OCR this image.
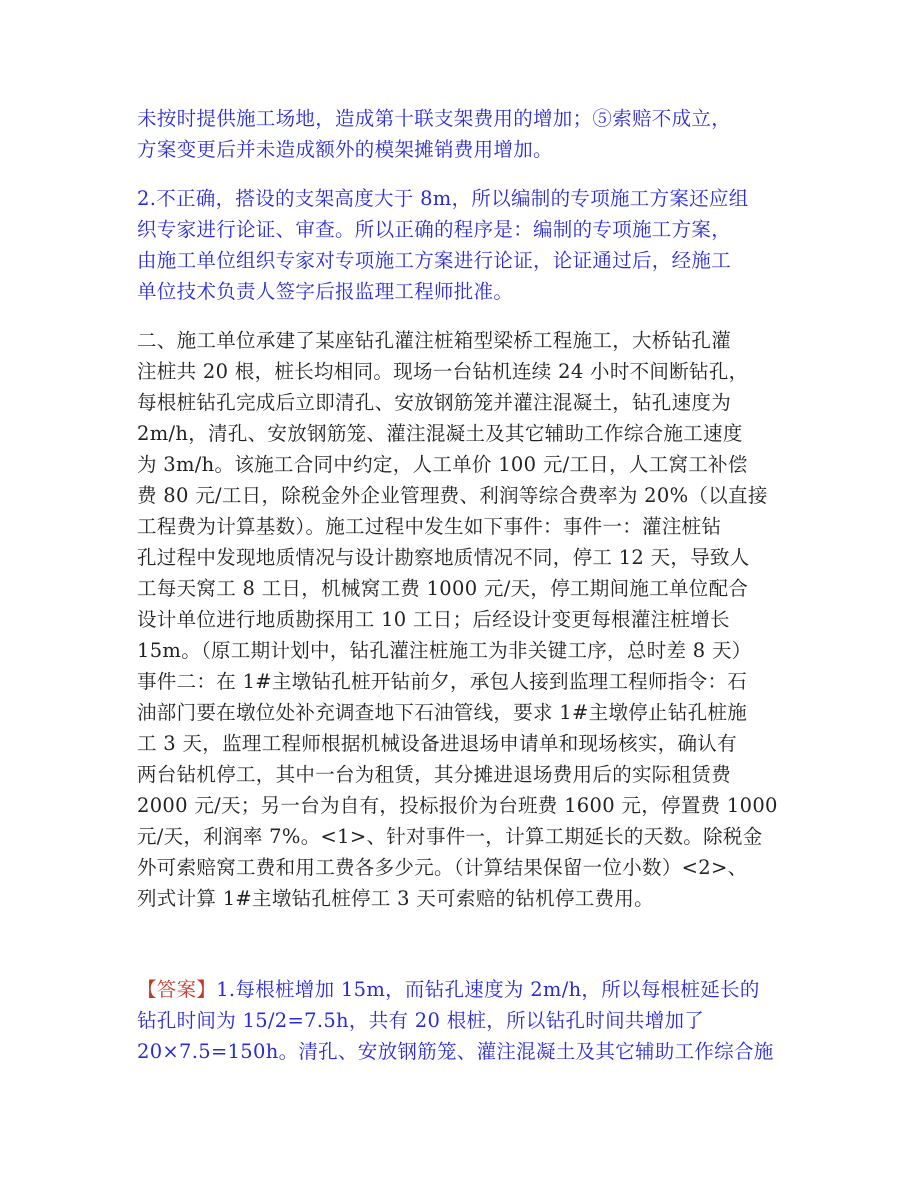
未按时提供施工场地，造成第十联支架费用的增加；⑤索赔不成立，
方案变更后并未造成额外的模架摊销费用增加。
2.不正确，搭设的支架高度大于 8m，所以编制的专项施工方案还应组
织专家进行论证、审查。所以正确的程序是：编制的专项施工方案，
由施工单位组织专家对专项施工方案进行论证，论证通过后，经施工
单位技术负责人签字后报监理工程师批准。
二、施工单位承建了某座钻孔灌注桩箱型梁桥工程施工，大桥钻孔灌
注桩共 20 根，桩长均相同。现场一台钻机连续 24 小时不间断钻孔，
每根桩钻孔完成后立即清孔、安放钢筋笼并灌注混凝土，钻孔速度为
2m/h，清孔、安放钢筋笼、灌注混凝土及其它辅助工作综合施工速度
为 3m/h。该施工合同中约定，人工单价 100 元/工日，人工窝工补偿
费 80 元/工日，除税金外企业管理费、利润等综合费率为 20%（以直接
工程费为计算基数）。施工过程中发生如下事件：事件一：灌注桩钻
孔过程中发现地质情况与设计勘察地质情况不同，停工 12 天，导致人
工每天窝工 8 工日，机械窝工费 1000 元/天，停工期间施工单位配合
设计单位进行地质勘探用工 10 工日；后经设计变更每根灌注桩增长
15m。（原工期计划中，钻孔灌注桩施工为非关键工序，总时差 8 天）
事件二：在 1#主墩钻孔桩开钻前夕，承包人接到监理工程师指令：石
油部门要在墩位处补充调查地下石油管线，要求 1#主墩停止钻孔桩施
工 3 天，监理工程师根据机械设备进退场申请单和现场核实，确认有
两台钻机停工，其中一台为租赁，其分摊进退场费用后的实际租赁费
2000 元/天；另一台为自有，投标报价为台班费 1600 元，停置费 1000
元/天，利润率 7%。<1>、针对事件一，计算工期延长的天数。除税金
外可索赔窝工费和用工费各多少元。（计算结果保留一位小数）<2>、
列式计算 1#主墩钻孔桩停工 3 天可索赔的钻机停工费用。
【答案】1.每根桩增加 15m，而钻孔速度为 2m/h，所以每根桩延长的
钻孔时间为 15/2=7.5h，共有 20 根桩，所以钻孔时间共增加了
20×7.5=150h。清孔、安放钢筋笼、灌注混凝土及其它辅助工作综合施
